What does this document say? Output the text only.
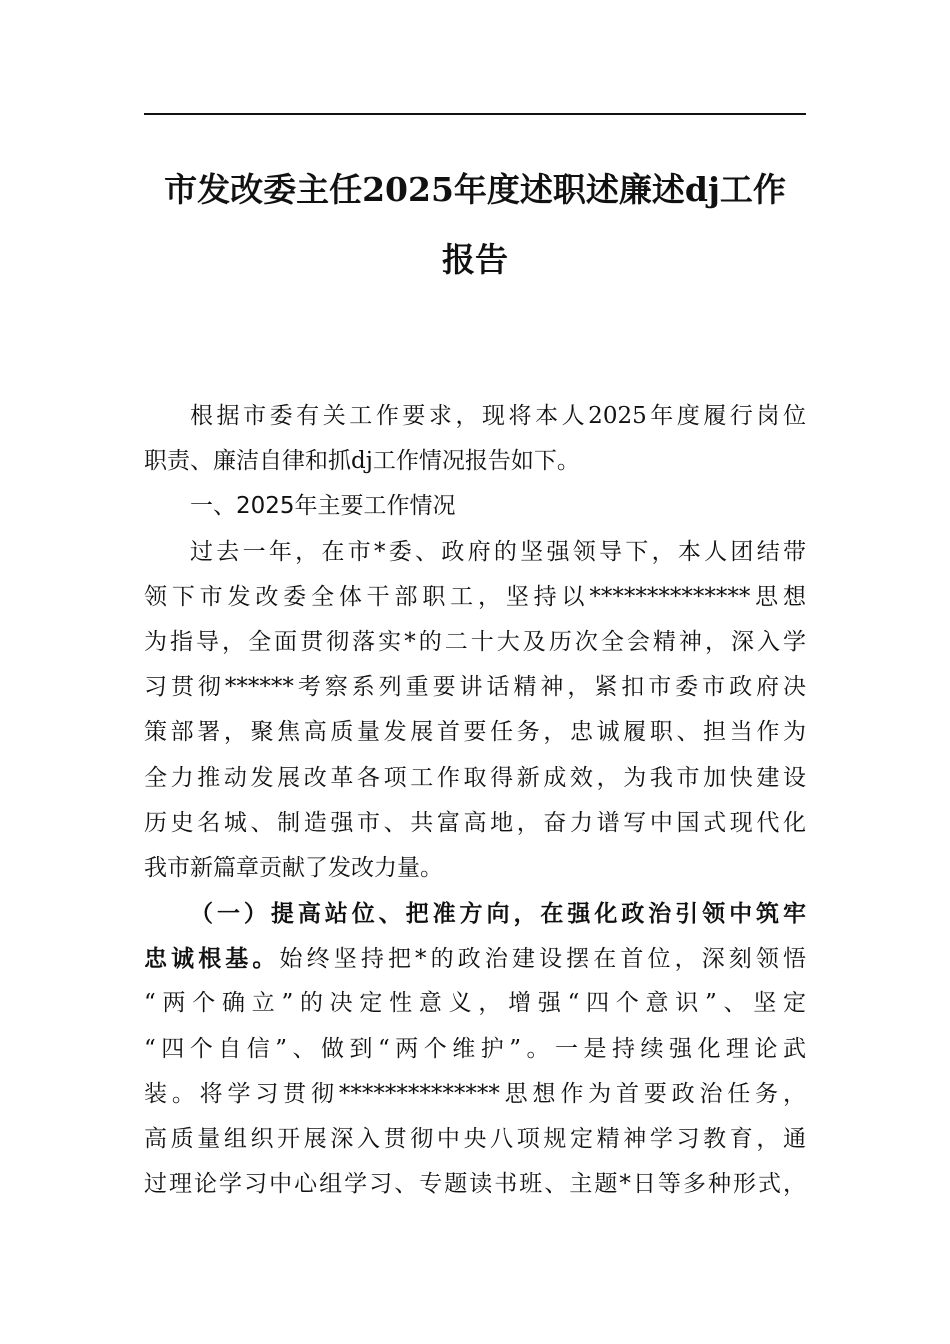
市发改委主任2025年度述职述廉述dj工作
报告

根据市委有关工作要求，现将本人2025年度履行岗位
职责、廉洁自律和抓dj工作情况报告如下。

一、2025年主要工作情况

过去一年，在市*委、政府的坚强领导下，本人团结带
领下市发改委全体干部职工，坚持以**************思想
为指导，全面贯彻落实*的二十大及历次全会精神，深入学
习贯彻******考察系列重要讲话精神，紧扣市委市政府决
策部署，聚焦高质量发展首要任务，忠诚履职、担当作为
全力推动发展改革各项工作取得新成效，为我市加快建设
历史名城、制造强市、共富高地，奋力谱写中国式现代化
我市新篇章贡献了发改力量。

（一）提高站位、把准方向，在强化政治引领中筑牢
忠诚根基。始终坚持把*的政治建设摆在首位，深刻领悟
“两个确立”的决定性意义，增强“四个意识”、坚定
“四个自信”、做到“两个维护”。一是持续强化理论武
装。将学习贯彻**************思想作为首要政治任务，
高质量组织开展深入贯彻中央八项规定精神学习教育，通
过理论学习中心组学习、专题读书班、主题*日等多种形式，
